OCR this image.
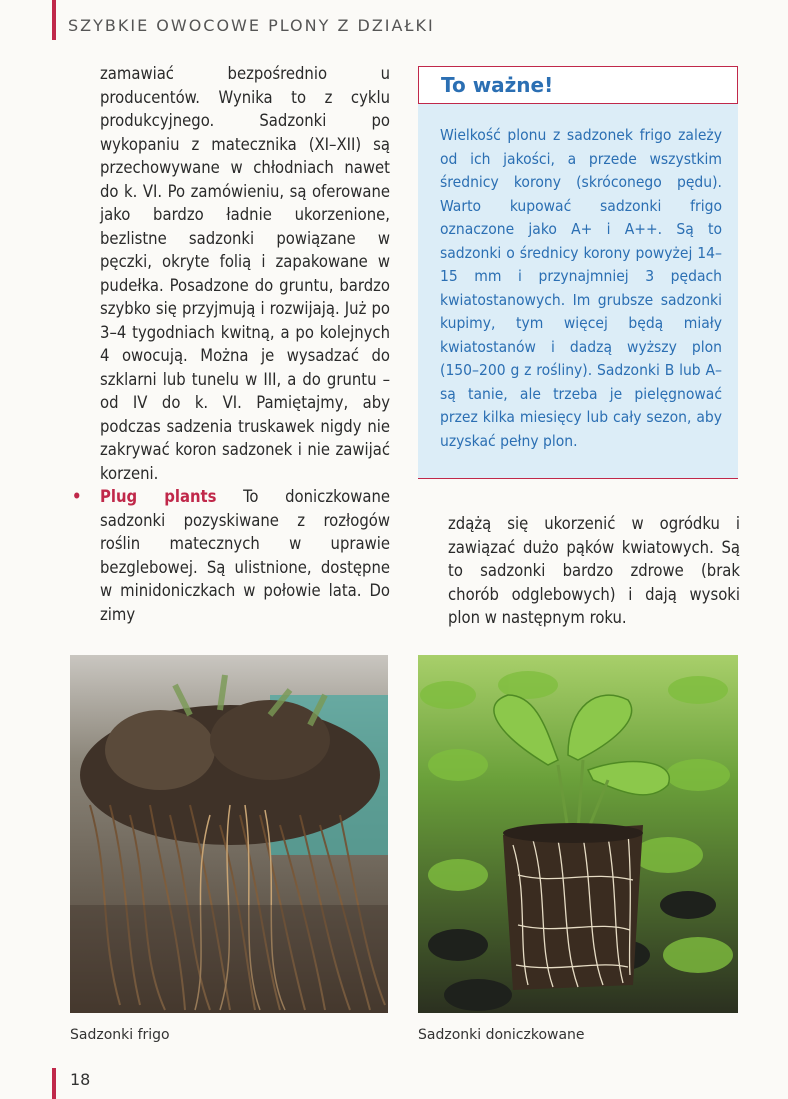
SZYBKIE OWOCOWE PLONY Z DZIAŁKI

zamawiać bezpośrednio u producentów. Wynika to z cyklu produkcyjnego. Sadzonki po wykopaniu z matecznika (XI–XII) są przechowywane w chłodniach nawet do k. VI. Po zamówieniu, są oferowane jako bardzo ładnie ukorzenione, bezlistne sadzonki powiązane w pęczki, okryte folią i zapakowane w pudełka. Posadzone do gruntu, bardzo szybko się przyjmują i rozwijają. Już po 3–4 tygodniach kwitną, a po kolejnych 4 owocują. Można je wysadzać do szklarni lub tunelu w III, a do gruntu – od IV do k. VI. Pamiętajmy, aby podczas sadzenia truskawek nigdy nie zakrywać koron sadzonek i nie zawijać korzeni.

• Plug plants To doniczkowane sadzonki pozyskiwane z rozłogów roślin matecznych w uprawie bezglebowej. Są ulistnione, dostępne w minidoniczkach w połowie lata. Do zimy

To ważne!
Wielkość plonu z sadzonek frigo zależy od ich jakości, a przede wszystkim średnicy korony (skróconego pędu). Warto kupować sadzonki frigo oznaczone jako A+ i A++. Są to sadzonki o średnicy korony powyżej 14–15 mm i przynajmniej 3 pędach kwiatostanowych. Im grubsze sadzonki kupimy, tym więcej będą miały kwiatostanów i dadzą wyższy plon (150–200 g z rośliny). Sadzonki B lub A– są tanie, ale trzeba je pielęgnować przez kilka miesięcy lub cały sezon, aby uzyskać pełny plon.

zdążą się ukorzenić w ogródku i zawiązać dużo pąków kwiatowych. Są to sadzonki bardzo zdrowe (brak chorób odglebowych) i dają wysoki plon w następnym roku.

Sadzonki frigo	Sadzonki doniczkowane
18
